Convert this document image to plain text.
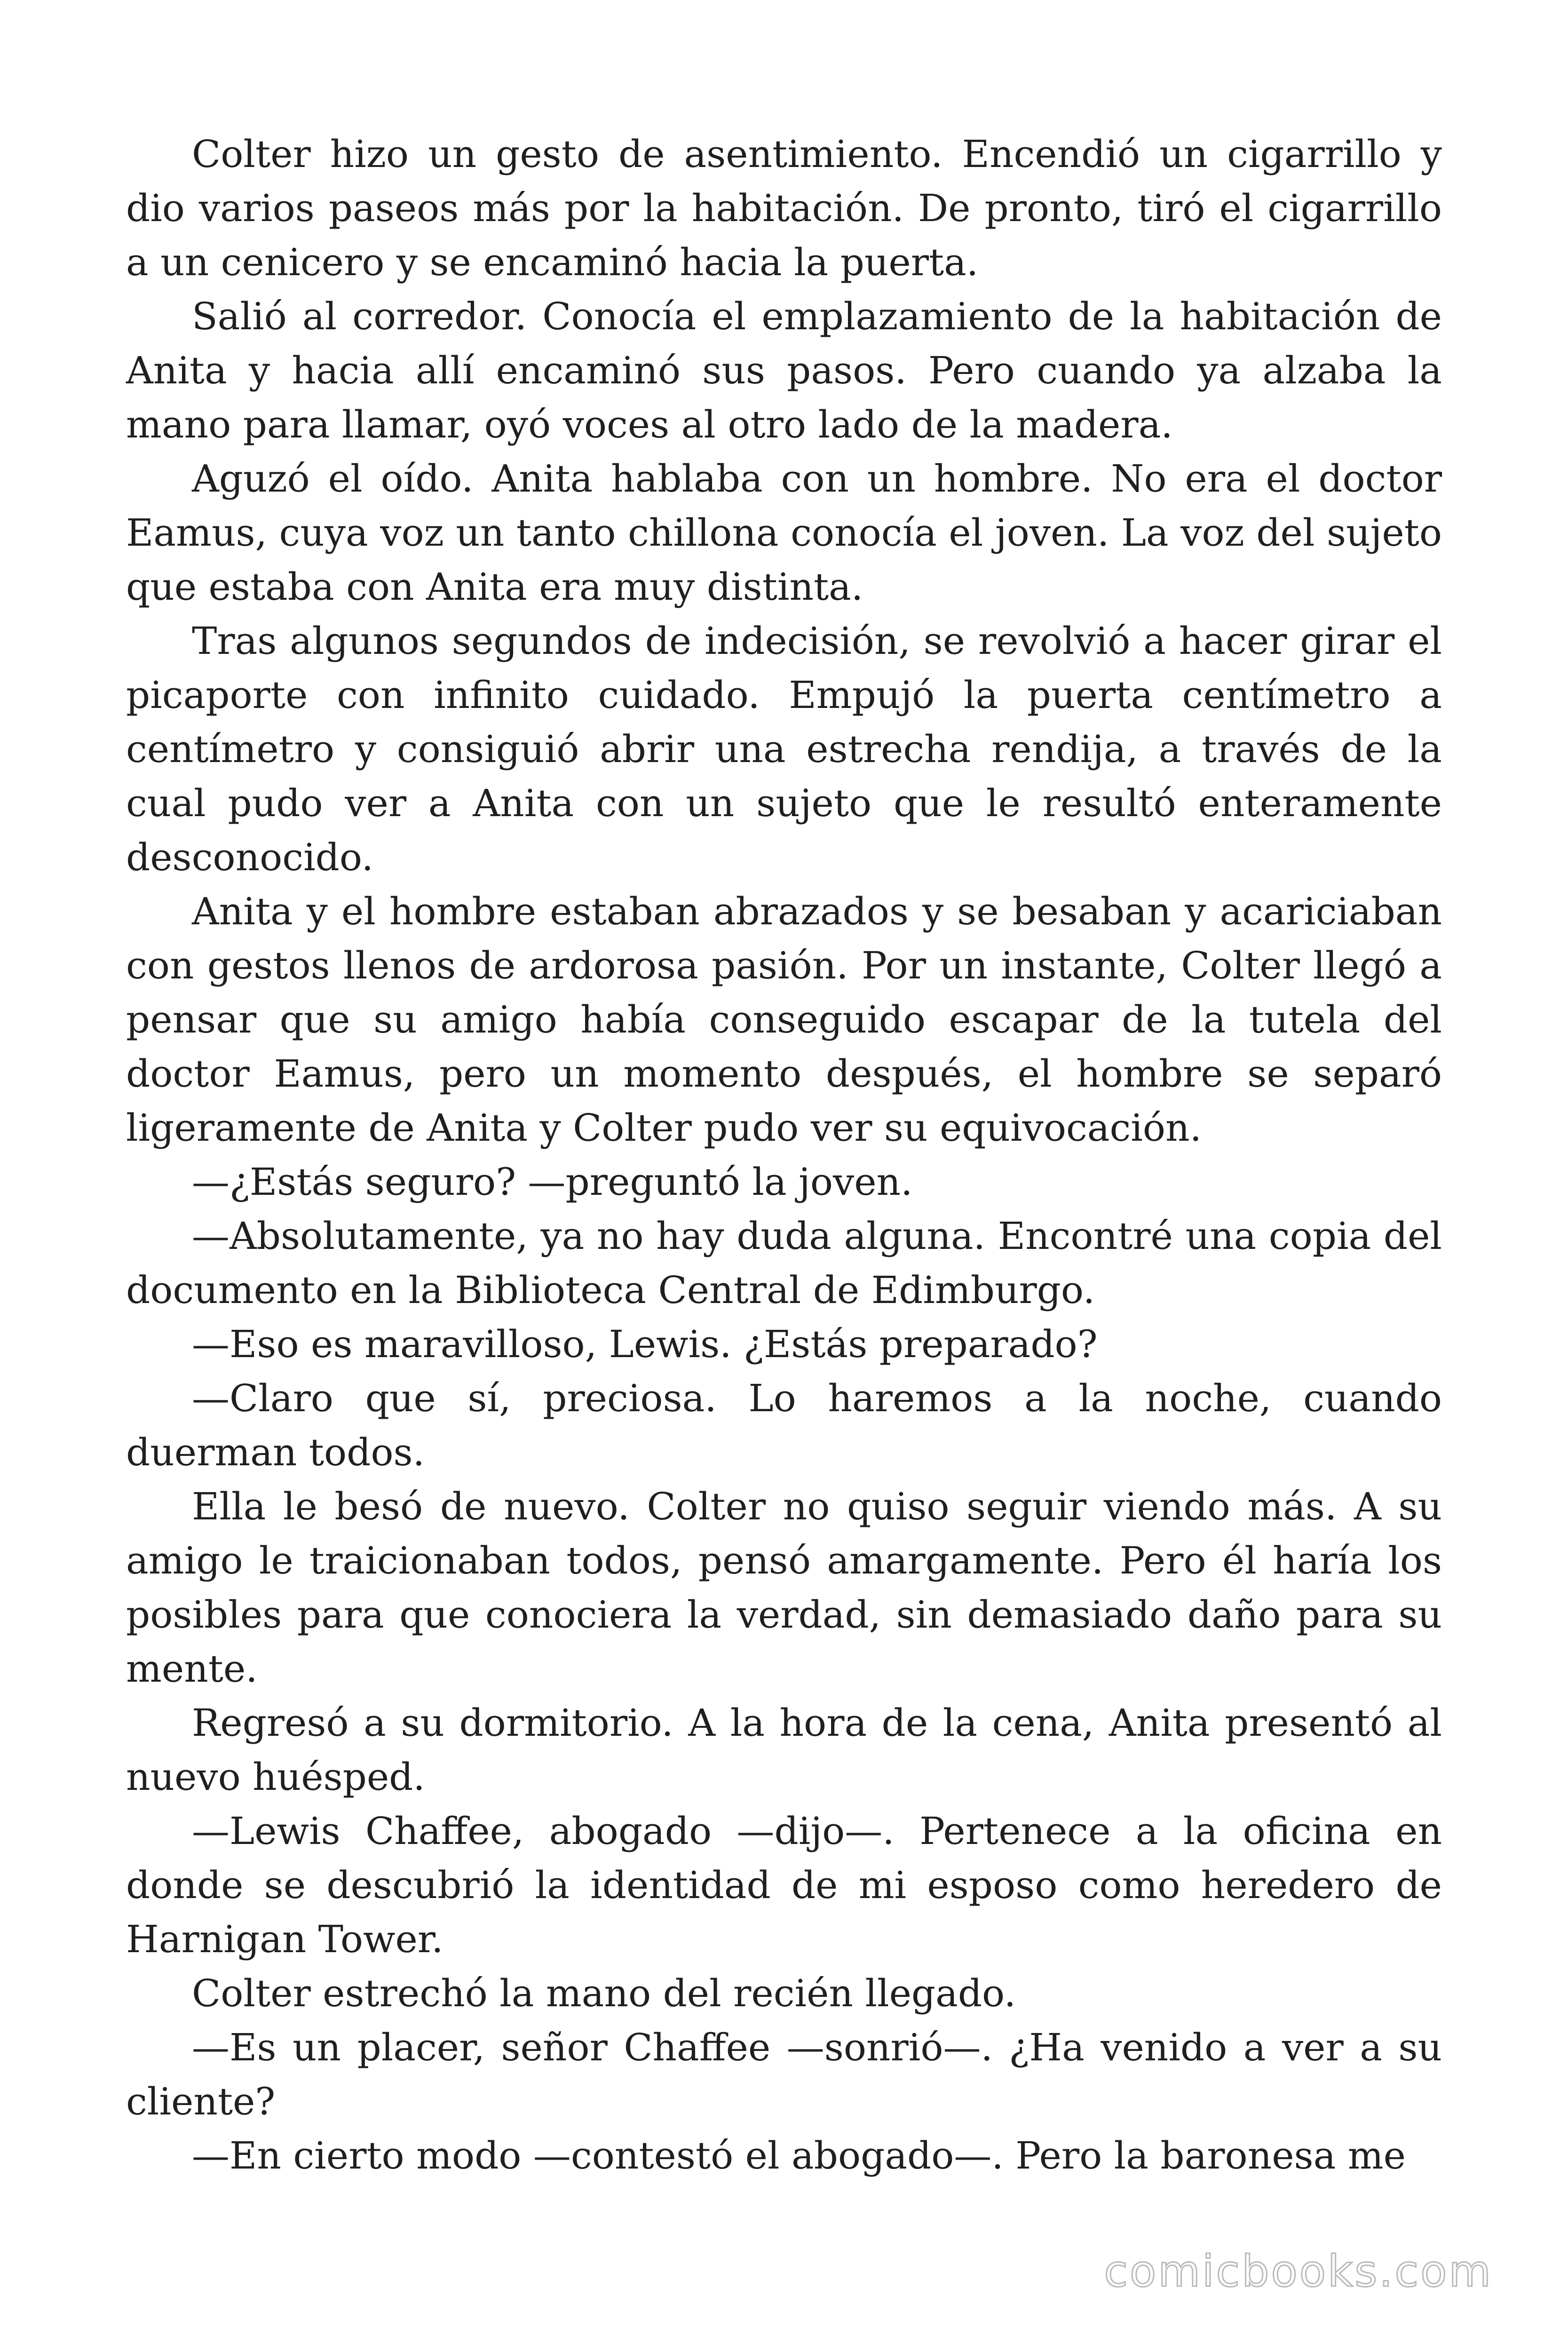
Colter hizo un gesto de asentimiento. Encendió un cigarrillo y dio varios paseos más por la habitación. De pronto, tiró el cigarrillo a un cenicero y se encaminó hacia la puerta.

Salió al corredor. Conocía el emplazamiento de la habitación de Anita y hacia allí encaminó sus pasos. Pero cuando ya alzaba la mano para llamar, oyó voces al otro lado de la madera.

Aguzó el oído. Anita hablaba con un hombre. No era el doctor Eamus, cuya voz un tanto chillona conocía el joven. La voz del sujeto que estaba con Anita era muy distinta.

Tras algunos segundos de indecisión, se revolvió a hacer girar el picaporte con infinito cuidado. Empujó la puerta centímetro a centímetro y consiguió abrir una estrecha rendija, a través de la cual pudo ver a Anita con un sujeto que le resultó enteramente desconocido.

Anita y el hombre estaban abrazados y se besaban y acariciaban con gestos llenos de ardorosa pasión. Por un instante, Colter llegó a pensar que su amigo había conseguido escapar de la tutela del doctor Eamus, pero un momento después, el hombre se separó ligeramente de Anita y Colter pudo ver su equivocación.

—¿Estás seguro? —preguntó la joven.

—Absolutamente, ya no hay duda alguna. Encontré una copia del documento en la Biblioteca Central de Edimburgo.

—Eso es maravilloso, Lewis. ¿Estás preparado?

—Claro que sí, preciosa. Lo haremos a la noche, cuando duerman todos.

Ella le besó de nuevo. Colter no quiso seguir viendo más. A su amigo le traicionaban todos, pensó amargamente. Pero él haría los posibles para que conociera la verdad, sin demasiado daño para su mente.

Regresó a su dormitorio. A la hora de la cena, Anita presentó al nuevo huésped.

—Lewis Chaffee, abogado —dijo—. Pertenece a la oficina en donde se descubrió la identidad de mi esposo como heredero de Harnigan Tower.

Colter estrechó la mano del recién llegado.

—Es un placer, señor Chaffee —sonrió—. ¿Ha venido a ver a su cliente?

—En cierto modo —contestó el abogado—. Pero la baronesa me

comicbooks.com
